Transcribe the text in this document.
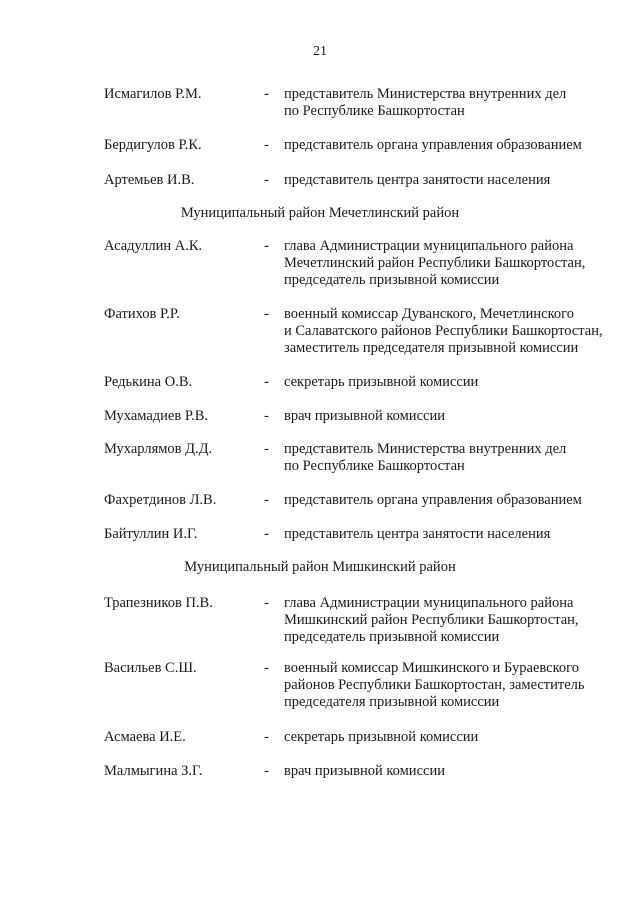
21
Исмагилов Р.М.	- представитель Министерства внутренних дел
по Республике Башкортостан
Бердигулов Р.К.	- представитель органа управления образованием
Артемьев И.В.	- представитель центра занятости населения
Муниципальный район Мечетлинский район
Асадуллин А.К.	- глава Администрации муниципального района
Мечетлинский район Республики Башкортостан,
председатель призывной комиссии
Фатихов Р.Р.	- военный комиссар Дуванского, Мечетлинского
и Салаватского районов Республики Башкортостан,
заместитель председателя призывной комиссии
Редькина О.В.	- секретарь призывной комиссии
Мухамадиев Р.В.	- врач призывной комиссии
Мухарлямов Д.Д.	- представитель Министерства внутренних дел
по Республике Башкортостан
Фахретдинов Л.В.	- представитель органа управления образованием
Байтуллин И.Г.	- представитель центра занятости населения
Муниципальный район Мишкинский район
Трапезников П.В.	- глава Администрации муниципального района
Мишкинский район Республики Башкортостан,
председатель призывной комиссии
Васильев С.Ш.	- военный комиссар Мишкинского и Бураевского
районов Республики Башкортостан, заместитель
председателя призывной комиссии
Асмаева И.Е.	- секретарь призывной комиссии
Малмыгина З.Г.	- врач призывной комиссии
